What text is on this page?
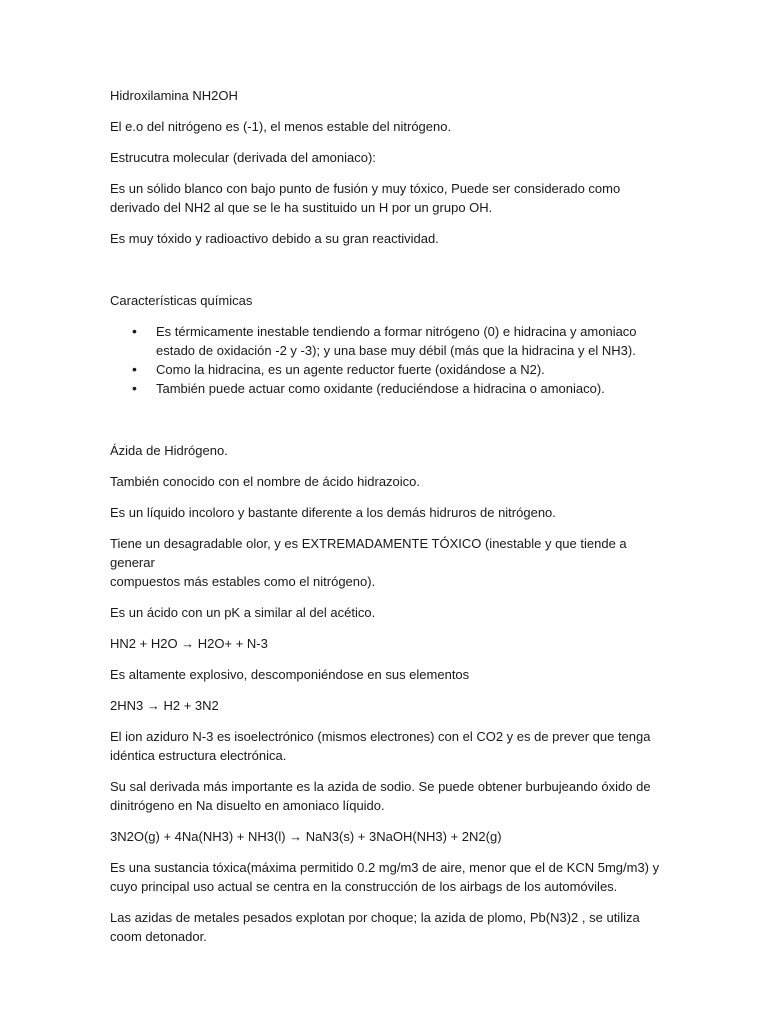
Hidroxilamina NH2OH

El e.o del nitrógeno es (-1), el menos estable del nitrógeno.

Estrucutra molecular (derivada del amoniaco):

Es un sólido blanco con bajo punto de fusión y muy tóxico, Puede ser considerado como

derivado del NH2 al que se le ha sustituido un H por un grupo OH.

Es muy tóxido y radioactivo debido a su gran reactividad.

Características químicas

• Es térmicamente inestable tendiendo a formar nitrógeno (0) e hidracina y amoniaco
estado de oxidación -2 y -3); y una base muy débil (más que la hidracina y el NH3).
• Como la hidracina, es un agente reductor fuerte (oxidándose a N2).
• También puede actuar como oxidante (reduciéndose a hidracina o amoniaco).

Ázida de Hidrógeno.

También conocido con el nombre de ácido hidrazoico.

Es un líquido incoloro y bastante diferente a los demás hidruros de nitrógeno.

Tiene un desagradable olor, y es EXTREMADAMENTE TÓXICO (inestable y que tiende a generar

compuestos más estables como el nitrógeno).

Es un ácido con un pK a similar al del acético.

HN2 + H2O → H2O+ + N-3

Es altamente explosivo, descomponiéndose en sus elementos

2HN3 → H2 + 3N2

El ion aziduro N-3 es isoelectrónico (mismos electrones) con el CO2 y es de prever que tenga

idéntica estructura electrónica.

Su sal derivada más importante es la azida de sodio. Se puede obtener burbujeando óxido de

dinitrógeno en Na disuelto en amoniaco líquido.

3N2O(g) + 4Na(NH3) + NH3(l) → NaN3(s) + 3NaOH(NH3) + 2N2(g)

Es una sustancia tóxica(máxima permitido 0.2 mg/m3 de aire, menor que el de KCN 5mg/m3) y

cuyo principal uso actual se centra en la construcción de los airbags de los automóviles.

Las azidas de metales pesados explotan por choque; la azida de plomo, Pb(N3)2 , se utiliza

coom detonador.
